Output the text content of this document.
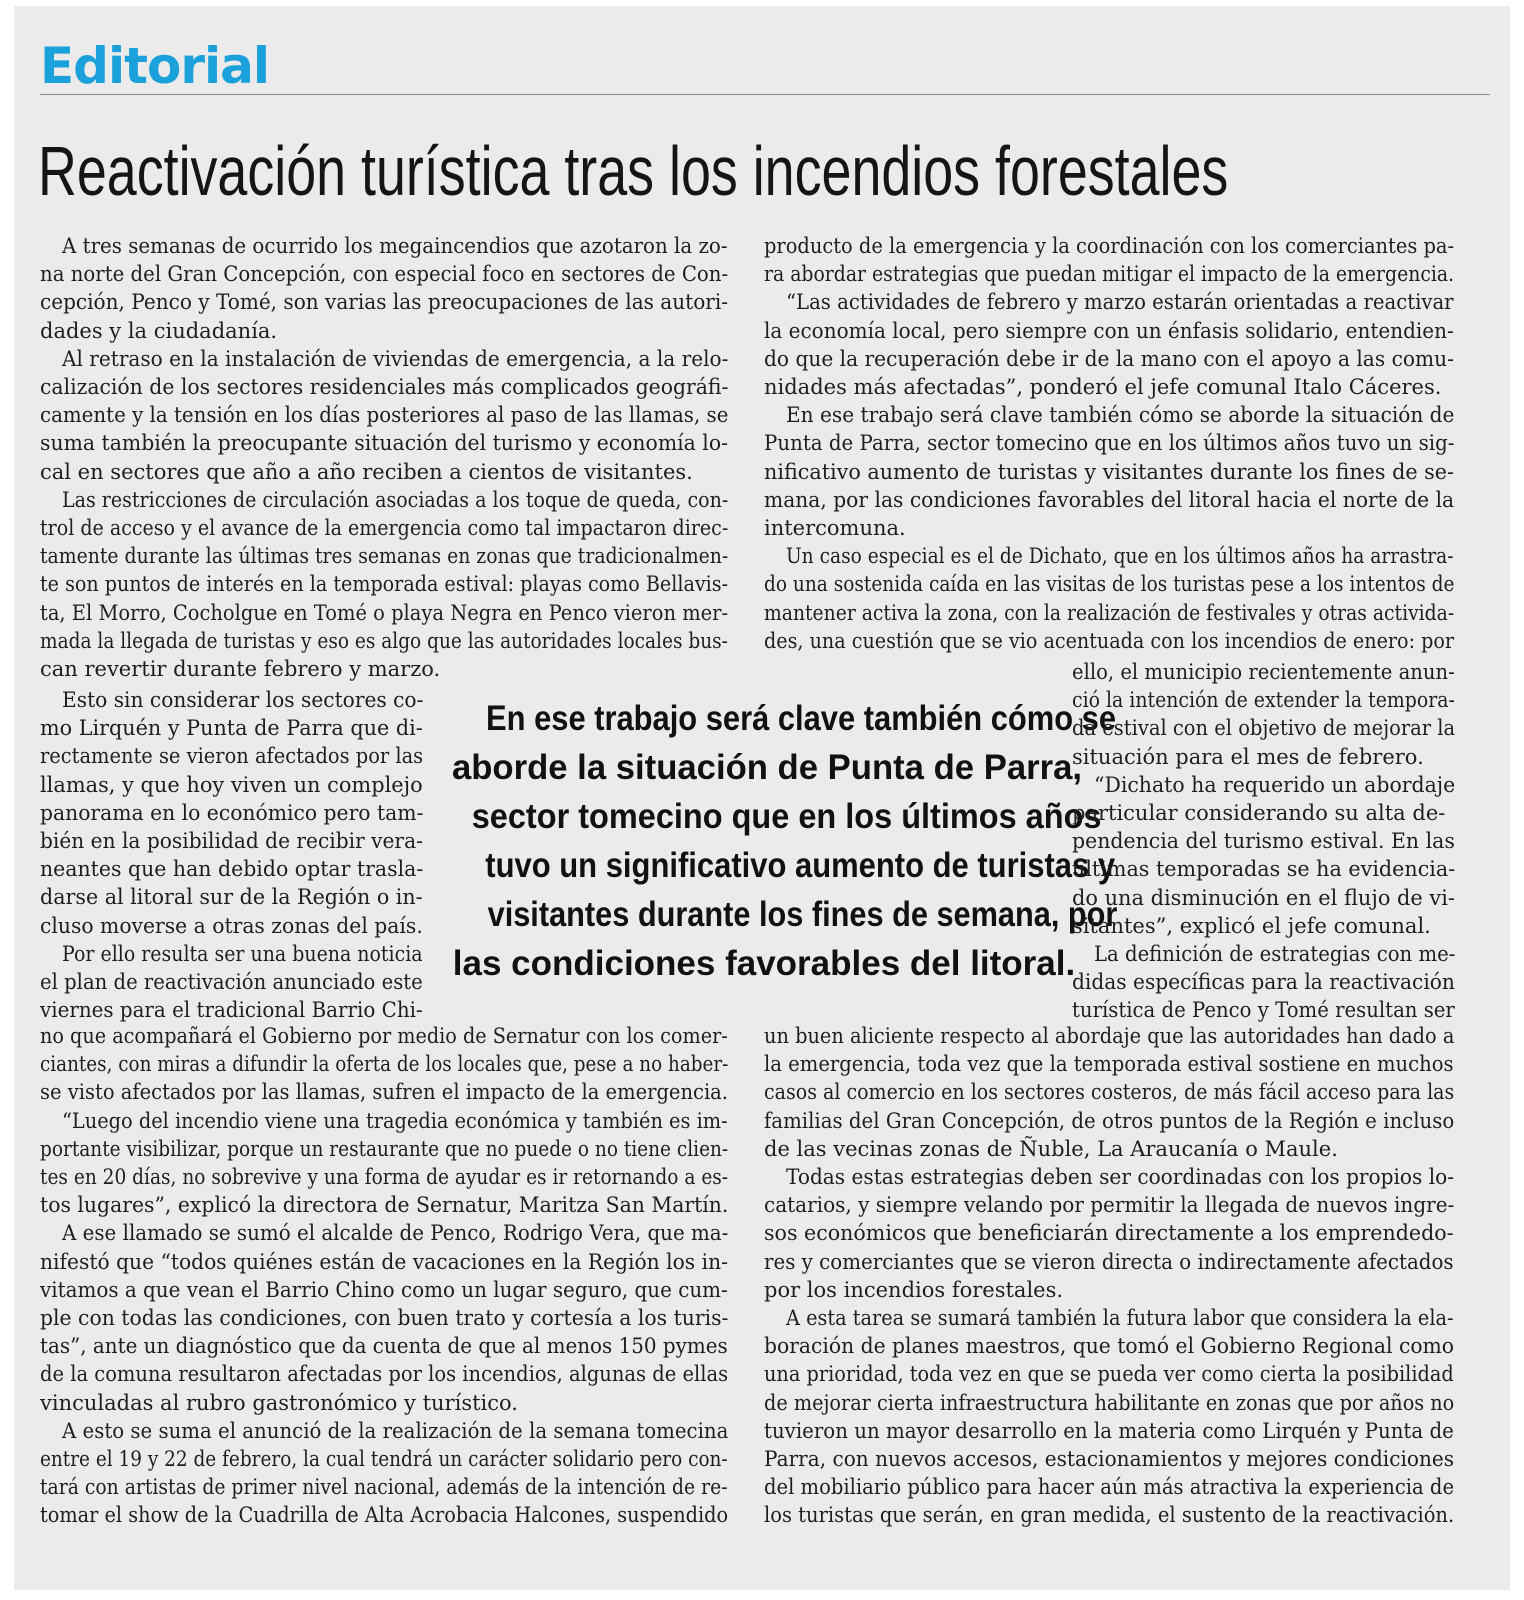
Editorial
Reactivación turística tras los incendios forestales
En ese trabajo será clave también cómo se
aborde la situación de Punta de Parra,
sector tomecino que en los últimos años
tuvo un significativo aumento de turistas y
visitantes durante los fines de semana, por
las condiciones favorables del litoral.
A tres semanas de ocurrido los megaincendios que azotaron la zo-
na norte del Gran Concepción, con especial foco en sectores de Con-
cepción, Penco y Tomé, son varias las preocupaciones de las autori-
dades y la ciudadanía.
Al retraso en la instalación de viviendas de emergencia, a la relo-
calización de los sectores residenciales más complicados geográfi-
camente y la tensión en los días posteriores al paso de las llamas, se
suma también la preocupante situación del turismo y economía lo-
cal en sectores que año a año reciben a cientos de visitantes.
Las restricciones de circulación asociadas a los toque de queda, con-
trol de acceso y el avance de la emergencia como tal impactaron direc-
tamente durante las últimas tres semanas en zonas que tradicionalmen-
te son puntos de interés en la temporada estival: playas como Bellavis-
ta, El Morro, Cocholgue en Tomé o playa Negra en Penco vieron mer-
mada la llegada de turistas y eso es algo que las autoridades locales bus-
can revertir durante febrero y marzo.
Esto sin considerar los sectores co-
mo Lirquén y Punta de Parra que di-
rectamente se vieron afectados por las
llamas, y que hoy viven un complejo
panorama en lo económico pero tam-
bién en la posibilidad de recibir vera-
neantes que han debido optar trasla-
darse al litoral sur de la Región o in-
cluso moverse a otras zonas del país.
Por ello resulta ser una buena noticia
el plan de reactivación anunciado este
viernes para el tradicional Barrio Chi-
no que acompañará el Gobierno por medio de Sernatur con los comer-
ciantes, con miras a difundir la oferta de los locales que, pese a no haber-
se visto afectados por las llamas, sufren el impacto de la emergencia.
“Luego del incendio viene una tragedia económica y también es im-
portante visibilizar, porque un restaurante que no puede o no tiene clien-
tes en 20 días, no sobrevive y una forma de ayudar es ir retornando a es-
tos lugares”, explicó la directora de Sernatur, Maritza San Martín.
A ese llamado se sumó el alcalde de Penco, Rodrigo Vera, que ma-
nifestó que “todos quiénes están de vacaciones en la Región los in-
vitamos a que vean el Barrio Chino como un lugar seguro, que cum-
ple con todas las condiciones, con buen trato y cortesía a los turis-
tas”, ante un diagnóstico que da cuenta de que al menos 150 pymes
de la comuna resultaron afectadas por los incendios, algunas de ellas
vinculadas al rubro gastronómico y turístico.
A esto se suma el anunció de la realización de la semana tomecina
entre el 19 y 22 de febrero, la cual tendrá un carácter solidario pero con-
tará con artistas de primer nivel nacional, además de la intención de re-
tomar el show de la Cuadrilla de Alta Acrobacia Halcones, suspendido
producto de la emergencia y la coordinación con los comerciantes pa-
ra abordar estrategias que puedan mitigar el impacto de la emergencia.
“Las actividades de febrero y marzo estarán orientadas a reactivar
la economía local, pero siempre con un énfasis solidario, entendien-
do que la recuperación debe ir de la mano con el apoyo a las comu-
nidades más afectadas”, ponderó el jefe comunal Italo Cáceres.
En ese trabajo será clave también cómo se aborde la situación de
Punta de Parra, sector tomecino que en los últimos años tuvo un sig-
nificativo aumento de turistas y visitantes durante los fines de se-
mana, por las condiciones favorables del litoral hacia el norte de la
intercomuna.
Un caso especial es el de Dichato, que en los últimos años ha arrastra-
do una sostenida caída en las visitas de los turistas pese a los intentos de
mantener activa la zona, con la realización de festivales y otras activida-
des, una cuestión que se vio acentuada con los incendios de enero: por
ello, el municipio recientemente anun-
ció la intención de extender la tempora-
da estival con el objetivo de mejorar la
situación para el mes de febrero.
“Dichato ha requerido un abordaje
particular considerando su alta de-
pendencia del turismo estival. En las
últimas temporadas se ha evidencia-
do una disminución en el flujo de vi-
sitantes”, explicó el jefe comunal.
La definición de estrategias con me-
didas específicas para la reactivación
turística de Penco y Tomé resultan ser
un buen aliciente respecto al abordaje que las autoridades han dado a
la emergencia, toda vez que la temporada estival sostiene en muchos
casos al comercio en los sectores costeros, de más fácil acceso para las
familias del Gran Concepción, de otros puntos de la Región e incluso
de las vecinas zonas de Ñuble, La Araucanía o Maule.
Todas estas estrategias deben ser coordinadas con los propios lo-
catarios, y siempre velando por permitir la llegada de nuevos ingre-
sos económicos que beneficiarán directamente a los emprendedo-
res y comerciantes que se vieron directa o indirectamente afectados
por los incendios forestales.
A esta tarea se sumará también la futura labor que considera la ela-
boración de planes maestros, que tomó el Gobierno Regional como
una prioridad, toda vez en que se pueda ver como cierta la posibilidad
de mejorar cierta infraestructura habilitante en zonas que por años no
tuvieron un mayor desarrollo en la materia como Lirquén y Punta de
Parra, con nuevos accesos, estacionamientos y mejores condiciones
del mobiliario público para hacer aún más atractiva la experiencia de
los turistas que serán, en gran medida, el sustento de la reactivación.
